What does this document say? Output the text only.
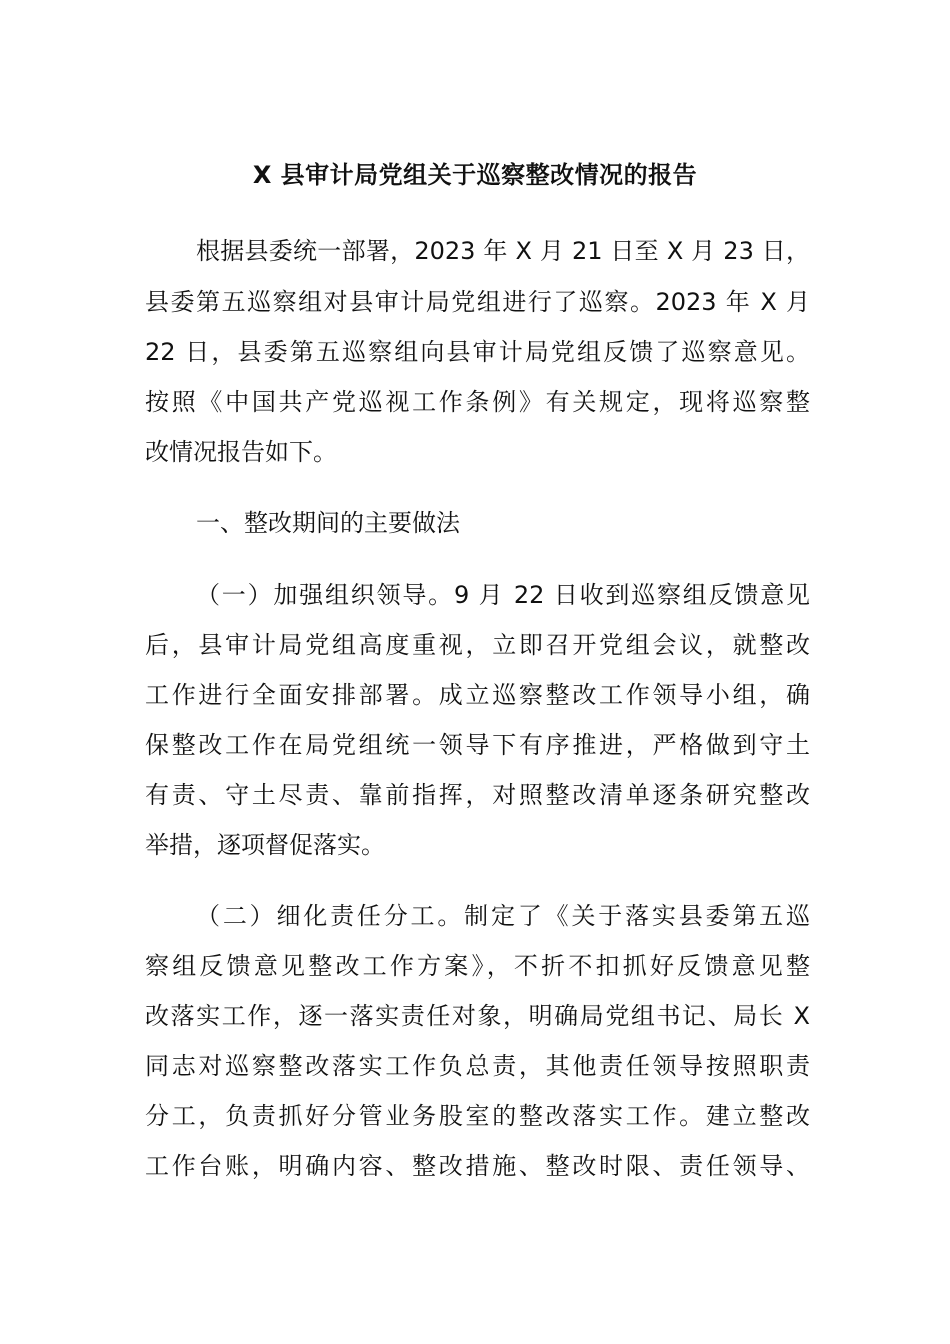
X 县审计局党组关于巡察整改情况的报告

根据县委统一部署，2023 年 X 月 21 日至 X 月 23 日，

县委第五巡察组对县审计局党组进行了巡察。2023 年 X 月

22 日，县委第五巡察组向县审计局党组反馈了巡察意见。

按照《中国共产党巡视工作条例》有关规定，现将巡察整

改情况报告如下。

一、整改期间的主要做法

（一）加强组织领导。9 月 22 日收到巡察组反馈意见

后，县审计局党组高度重视，立即召开党组会议，就整改

工作进行全面安排部署。成立巡察整改工作领导小组，确

保整改工作在局党组统一领导下有序推进，严格做到守土

有责、守土尽责、靠前指挥，对照整改清单逐条研究整改

举措，逐项督促落实。

（二）细化责任分工。制定了《关于落实县委第五巡

察组反馈意见整改工作方案》，不折不扣抓好反馈意见整

改落实工作，逐一落实责任对象，明确局党组书记、局长 X

同志对巡察整改落实工作负总责，其他责任领导按照职责

分工，负责抓好分管业务股室的整改落实工作。建立整改

工作台账，明确内容、整改措施、整改时限、责任领导、
